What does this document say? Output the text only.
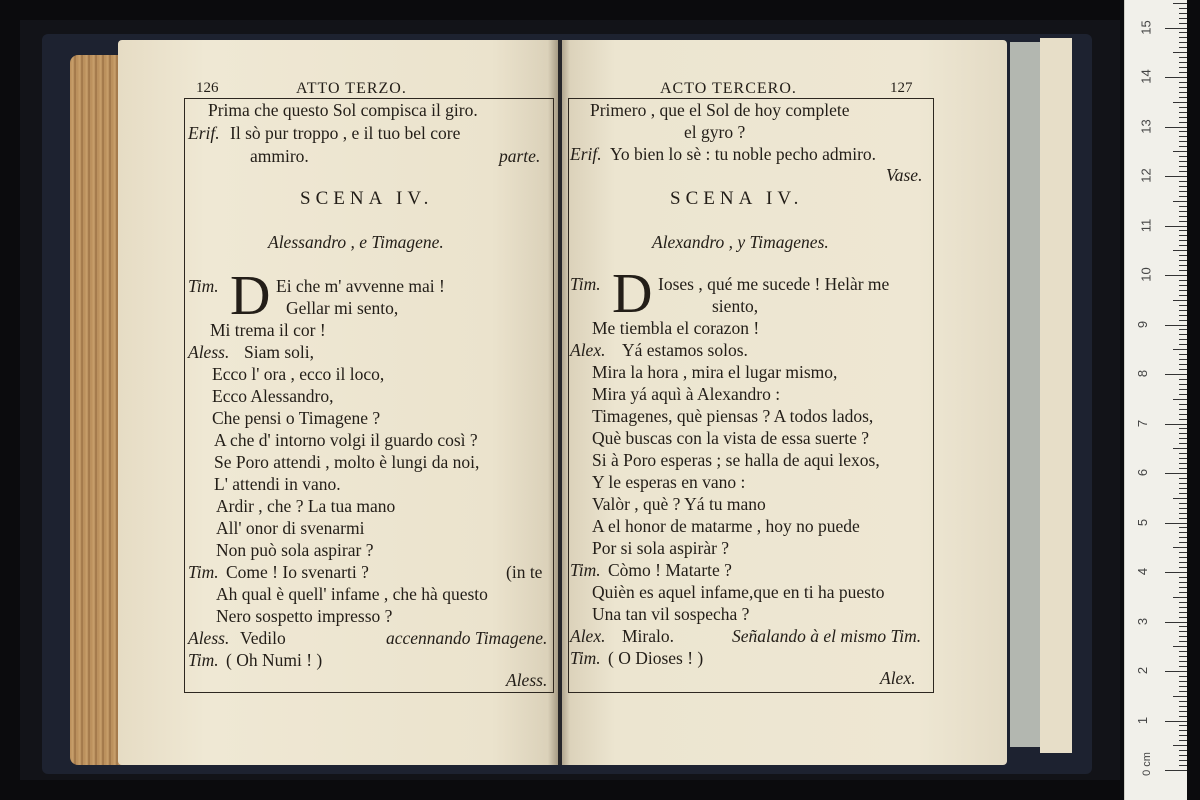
126	ATTO TERZO.
Prima che questo Sol compisca il giro.
Erif. Il sò pur troppo , e il tuo bel core
ammiro.	parte.
SCENA IV.
Alessandro , e Timagene.
Tim. D Ei che m' avvenne mai !
Gellar mi sento,
Mi trema il cor !
Aless. Siam soli,
Ecco l' ora , ecco il loco,
Ecco Alessandro,
Che pensi o Timagene ?
A che d' intorno volgi il guardo così ?
Se Poro attendi , molto è lungi da noi,
L' attendi in vano.
Ardir , che ? La tua mano
All' onor di svenarmi
Non può sola aspirar ?
Tim. Come ! Io svenarti ?	(in te
Ah qual è quell' infame , che hà questo
Nero sospetto impresso ?
Aless. Vedilo	accennando Timagene.
Tim. ( Oh Numi ! )
Aless.
ACTO TERCERO.	127
Primero , que el Sol de hoy complete
el gyro ?
Erif. Yo bien lo sè : tu noble pecho admiro.
Vase.
SCENA IV.
Alexandro , y Timagenes.
Tim. D Ioses , qué me sucede ! Helàr me
siento,
Me tiembla el corazon !
Alex. Yá estamos solos.
Mira la hora , mira el lugar mismo,
Mira yá aquì à Alexandro :
Timagenes, què piensas ? A todos lados,
Què buscas con la vista de essa suerte ?
Si à Poro esperas ; se halla de aqui lexos,
Y le esperas en vano :
Valòr , què ? Yá tu mano
A el honor de matarme , hoy no puede
Por si sola aspiràr ?
Tim. Còmo ! Matarte ?
Quièn es aquel infame,que en ti ha puesto
Una tan vil sospecha ?
Alex. Miralo.	Señalando à el mismo Tim.
Tim. ( O Dioses ! )
Alex.
0 cm
1
2
3
4
5
6
7
8
9
10
11
12
13
14
15
